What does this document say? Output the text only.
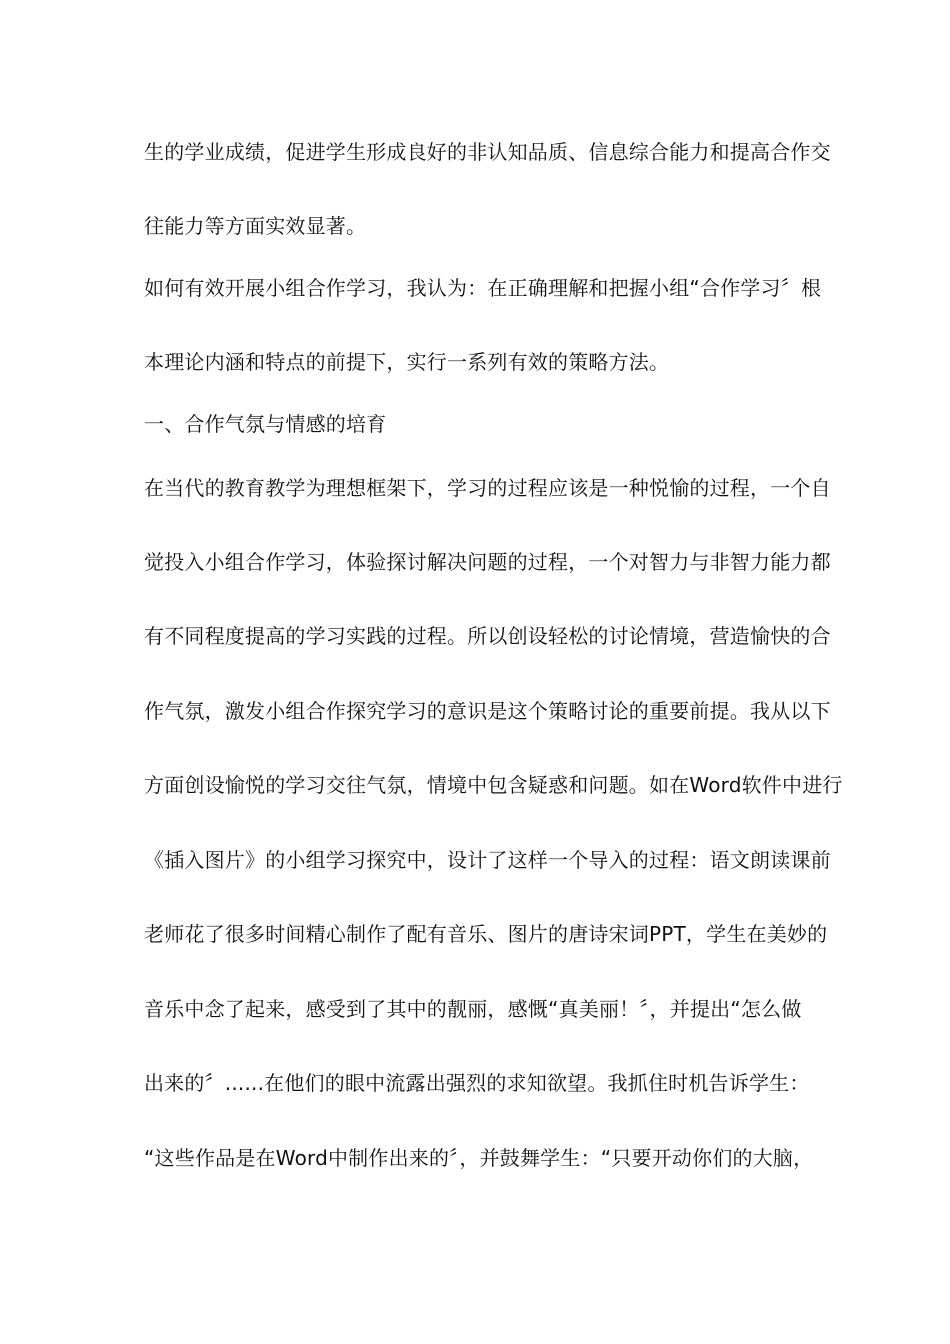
生的学业成绩，促进学生形成良好的非认知品质、信息综合能力和提高合作交
往能力等方面实效显著。
如何有效开展小组合作学习，我认为：在正确理解和把握小组“合作学习〞根
本理论内涵和特点的前提下，实行一系列有效的策略方法。
一、合作气氛与情感的培育
在当代的教育教学为理想框架下，学习的过程应该是一种悦愉的过程，一个自
觉投入小组合作学习，体验探讨解决问题的过程，一个对智力与非智力能力都
有不同程度提高的学习实践的过程。所以创设轻松的讨论情境，营造愉快的合
作气氛，激发小组合作探究学习的意识是这个策略讨论的重要前提。我从以下
方面创设愉悦的学习交往气氛，情境中包含疑惑和问题。如在Word软件中进行
《插入图片》的小组学习探究中，设计了这样一个导入的过程：语文朗读课前
老师花了很多时间精心制作了配有音乐、图片的唐诗宋词PPT，学生在美妙的
音乐中念了起来，感受到了其中的靓丽，感慨“真美丽！〞，并提出“怎么做
出来的〞......在他们的眼中流露出强烈的求知欲望。我抓住时机告诉学生：
“这些作品是在Word中制作出来的〞，并鼓舞学生：“只要开动你们的大脑，
